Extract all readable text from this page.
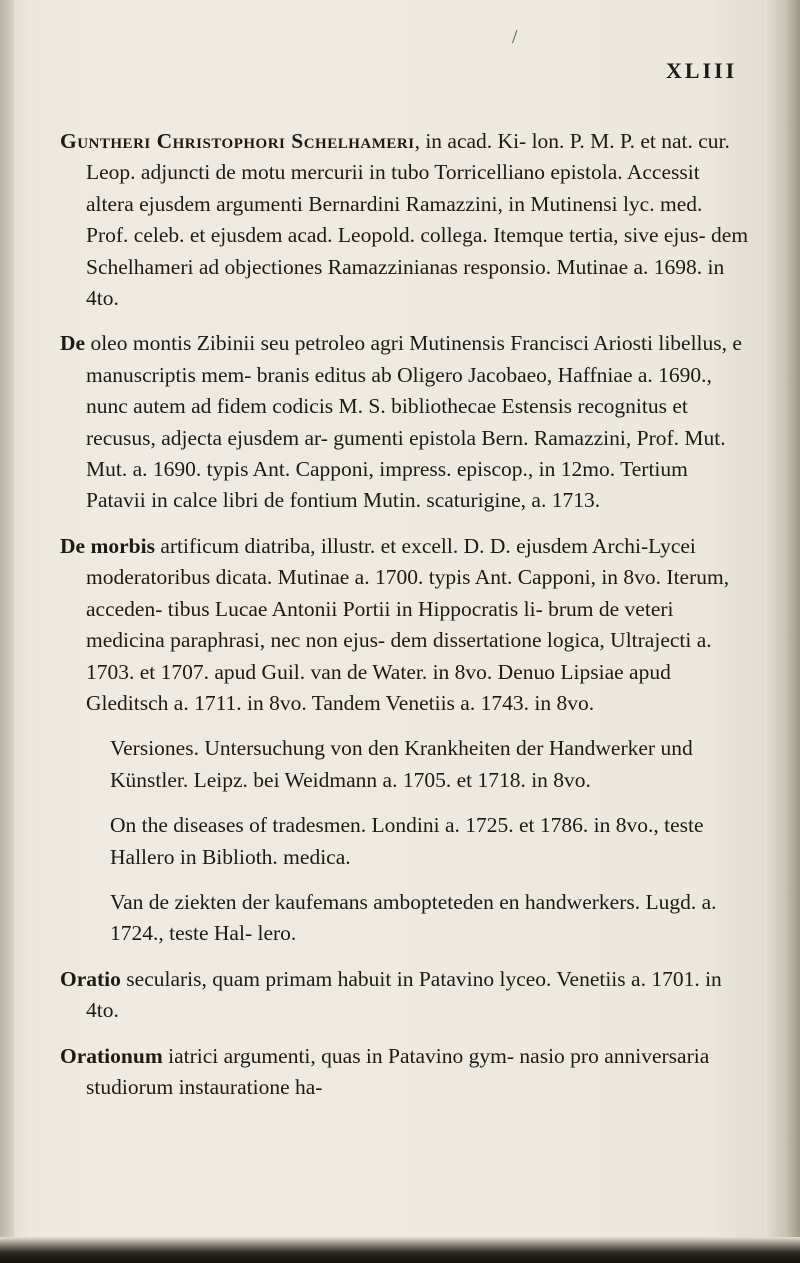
/
XLIII

Guntheri Christophori Schelhameri, in acad. Ki- lon. P. M. P. et nat. cur. Leop. adjuncti de motu mercurii in tubo Torricelliano epistola. Accessit altera ejusdem argumenti Bernardini Ramazzini, in Mutinensi lyc. med. Prof. celeb. et ejusdem acad. Leopold. collega. Itemque tertia, sive ejus- dem Schelhameri ad objectiones Ramazzinianas responsio. Mutinae a. 1698. in 4to.

De oleo montis Zibinii seu petroleo agri Mutinensis Francisci Ariosti libellus, e manuscriptis mem- branis editus ab Oligero Jacobaeo, Haffniae a. 1690., nunc autem ad fidem codicis M. S. bibliothecae Estensis recognitus et recusus, adjecta ejusdem ar- gumenti epistola Bern. Ramazzini, Prof. Mut. Mut. a. 1690. typis Ant. Capponi, impress. episcop., in 12mo. Tertium Patavii in calce libri de fontium Mutin. scaturigine, a. 1713.

De morbis artificum diatriba, illustr. et excell. D. D. ejusdem Archi-Lycei moderatoribus dicata. Mutinae a. 1700. typis Ant. Capponi, in 8vo. Iterum, acceden- tibus Lucae Antonii Portii in Hippocratis li- brum de veteri medicina paraphrasi, nec non ejus- dem dissertatione logica, Ultrajecti a. 1703. et 1707. apud Guil. van de Water. in 8vo. Denuo Lipsiae apud Gleditsch a. 1711. in 8vo. Tandem Venetiis a. 1743. in 8vo.

Versiones. Untersuchung von den Krankheiten der Handwerker und Künstler. Leipz. bei Weidmann a. 1705. et 1718. in 8vo.

On the diseases of tradesmen. Londini a. 1725. et 1786. in 8vo., teste Hallero in Biblioth. medica.

Van de ziekten der kaufemans ambopteteden en handwerkers. Lugd. a. 1724., teste Hal- lero.

Oratio secularis, quam primam habuit in Patavino lyceo. Venetiis a. 1701. in 4to.

Orationum iatrici argumenti, quas in Patavino gym- nasio pro anniversaria studiorum instauratione ha-
